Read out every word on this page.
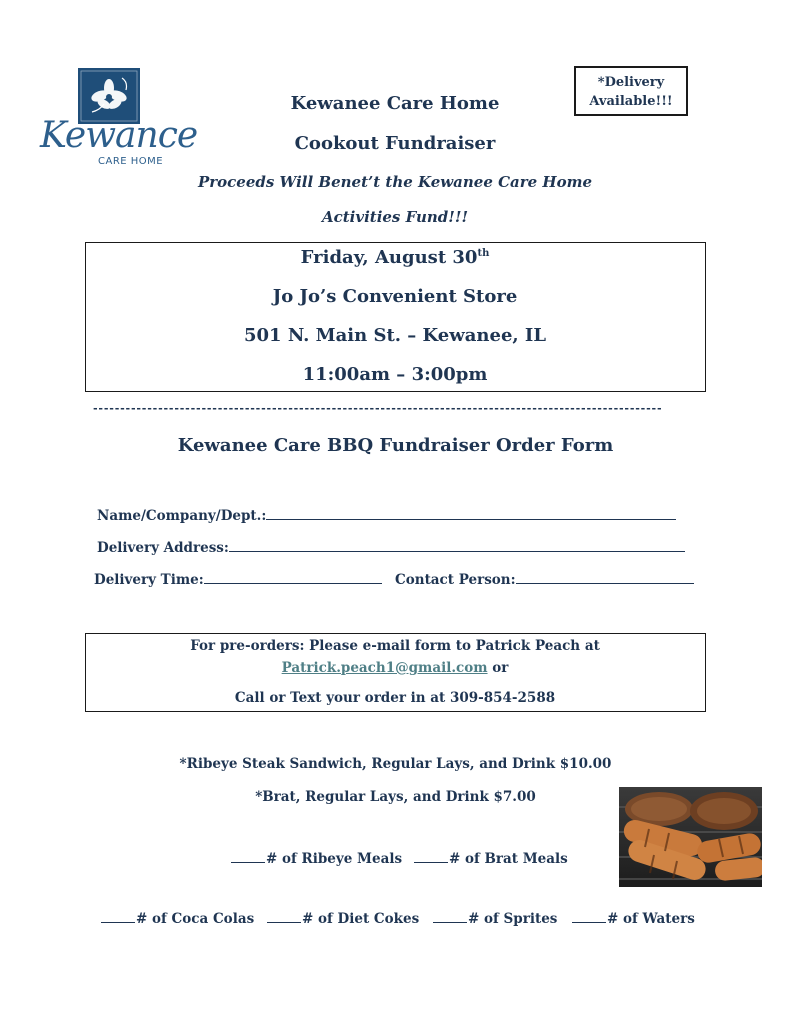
Kewance
CARE HOME
*Delivery
Available!!!
Kewanee Care Home
Cookout Fundraiser
Proceeds Will Benet’t the Kewanee Care Home
Activities Fund!!!
Friday, August 30th
Jo Jo’s Convenient Store
501 N. Main St. – Kewanee, IL
11:00am – 3:00pm
---------------------------------------------------------------------------------------------------------
Kewanee Care BBQ Fundraiser Order Form
Name/Company/Dept.:
Delivery Address:
Delivery Time:	Contact Person:
For pre-orders: Please e-mail form to Patrick Peach at
Patrick.peach1@gmail.com or
Call or Text your order in at 309-854-2588
*Ribeye Steak Sandwich, Regular Lays, and Drink $10.00
*Brat, Regular Lays, and Drink $7.00
# of Ribeye Meals	# of Brat Meals
# of Coca Colas	# of Diet Cokes	# of Sprites	# of Waters
